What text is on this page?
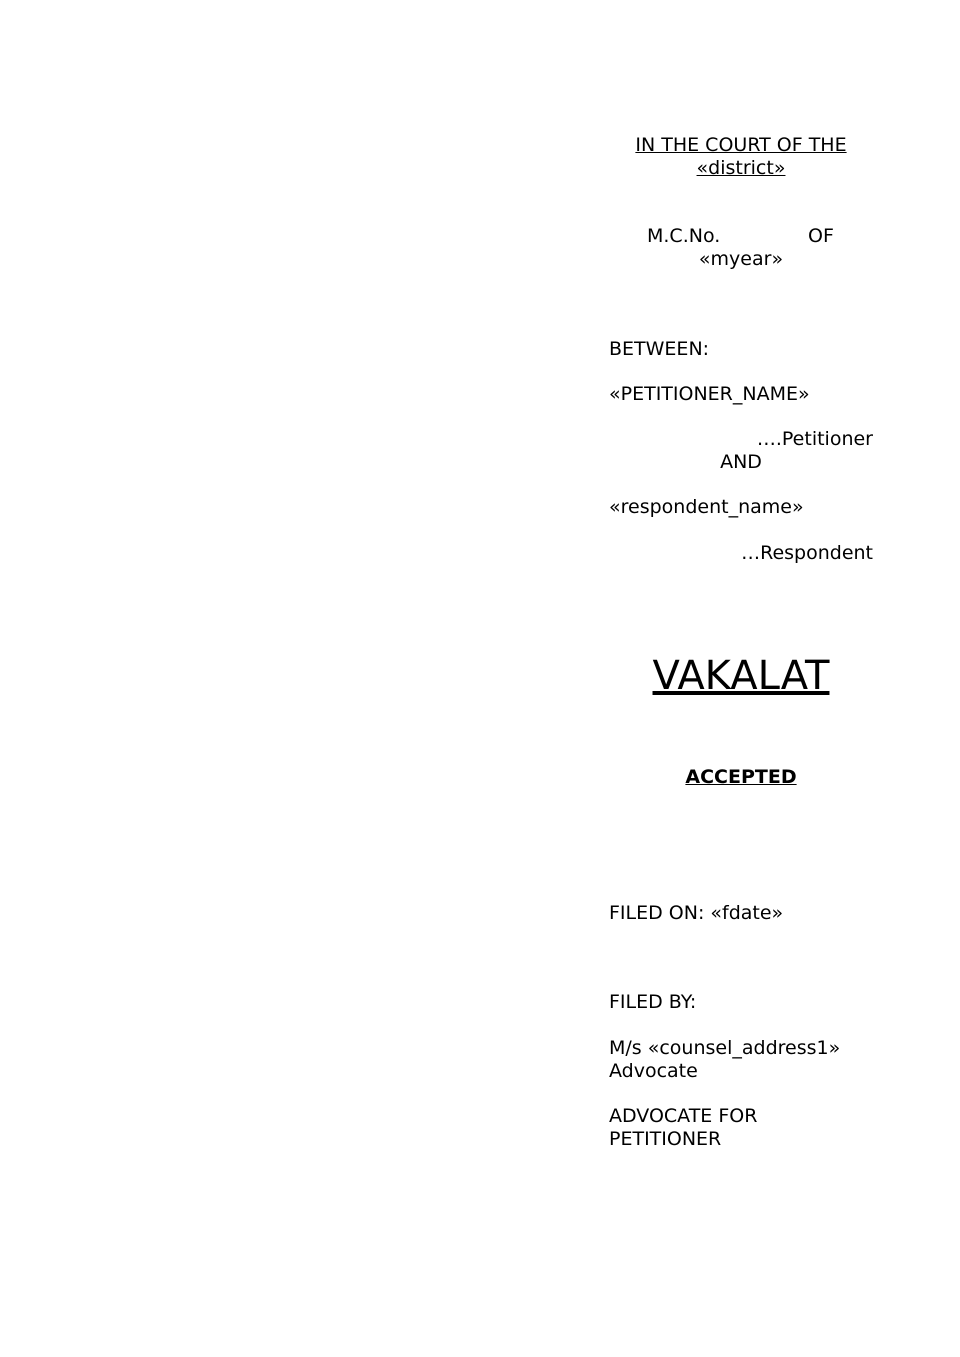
IN THE COURT OF THE
«district»
M.C.No.	OF
«myear»
BETWEEN:
«PETITIONER_NAME»
….Petitioner
AND
«respondent_name»
…Respondent
VAKALAT
ACCEPTED
FILED ON: «fdate»
FILED BY:
M/s «counsel_address1»
Advocate
ADVOCATE FOR
PETITIONER
